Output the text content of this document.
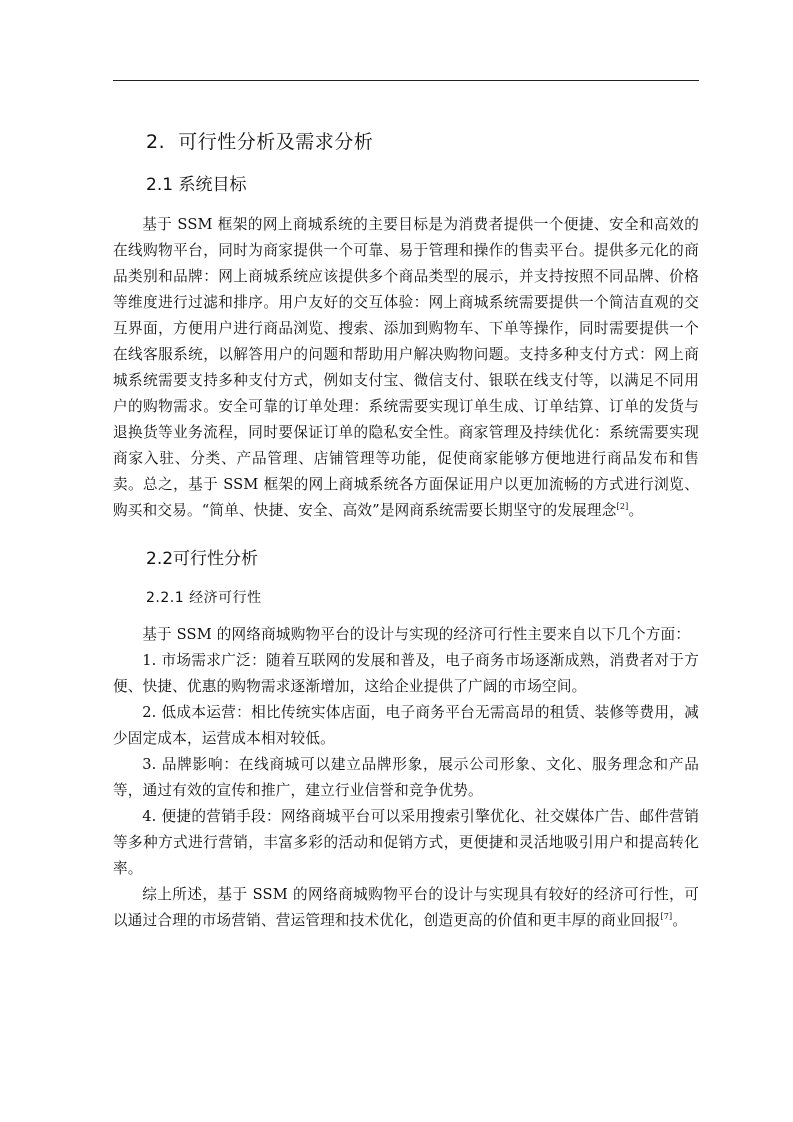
2. 可行性分析及需求分析
2.1 系统目标

基于 SSM 框架的网上商城系统的主要目标是为消费者提供一个便捷、安全和高效的在线购物平台，同时为商家提供一个可靠、易于管理和操作的售卖平台。提供多元化的商品类别和品牌：网上商城系统应该提供多个商品类型的展示，并支持按照不同品牌、价格等维度进行过滤和排序。用户友好的交互体验：网上商城系统需要提供一个简洁直观的交互界面，方便用户进行商品浏览、搜索、添加到购物车、下单等操作，同时需要提供一个在线客服系统，以解答用户的问题和帮助用户解决购物问题。支持多种支付方式：网上商城系统需要支持多种支付方式，例如支付宝、微信支付、银联在线支付等，以满足不同用户的购物需求。安全可靠的订单处理：系统需要实现订单生成、订单结算、订单的发货与退换货等业务流程，同时要保证订单的隐私安全性。商家管理及持续优化：系统需要实现商家入驻、分类、产品管理、店铺管理等功能，促使商家能够方便地进行商品发布和售卖。总之，基于 SSM 框架的网上商城系统各方面保证用户以更加流畅的方式进行浏览、购买和交易。“简单、快捷、安全、高效”是网商系统需要长期坚守的发展理念[2]。

2.2可行性分析
2.2.1 经济可行性

基于 SSM 的网络商城购物平台的设计与实现的经济可行性主要来自以下几个方面：

1. 市场需求广泛：随着互联网的发展和普及，电子商务市场逐渐成熟，消费者对于方便、快捷、优惠的购物需求逐渐增加，这给企业提供了广阔的市场空间。

2. 低成本运营：相比传统实体店面，电子商务平台无需高昂的租赁、装修等费用，减少固定成本，运营成本相对较低。

3. 品牌影响：在线商城可以建立品牌形象，展示公司形象、文化、服务理念和产品等，通过有效的宣传和推广，建立行业信誉和竞争优势。

4. 便捷的营销手段：网络商城平台可以采用搜索引擎优化、社交媒体广告、邮件营销等多种方式进行营销，丰富多彩的活动和促销方式，更便捷和灵活地吸引用户和提高转化率。

综上所述，基于 SSM 的网络商城购物平台的设计与实现具有较好的经济可行性，可以通过合理的市场营销、营运管理和技术优化，创造更高的价值和更丰厚的商业回报[7]。
